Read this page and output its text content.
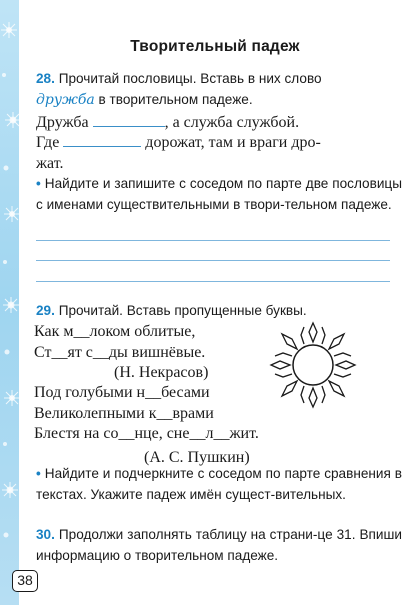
Творительный падеж
28. Прочитай пословицы. Вставь в них слово
дружба в творительном падеже.
Дружба	, а служба службой.
Где	дорожат, там и враги дро-
жат.
• Найдите и запишите с соседом по парте две пословицы с именами существительными в твори-тельном падеже.
29. Прочитай. Вставь пропущенные буквы.
Как м__локом облитые,
Ст__ят с__ды вишнёвые.
(Н. Некрасов)
Под голубыми н__бесами
Великолепными к__врами
Блестя на со__нце, сне__л__жит.
(А. С. Пушкин)
• Найдите и подчеркните с соседом по парте сравнения в текстах. Укажите падеж имён сущест-вительных.
30. Продолжи заполнять таблицу на страни-це 31. Впиши информацию о творительном падеже.
38
